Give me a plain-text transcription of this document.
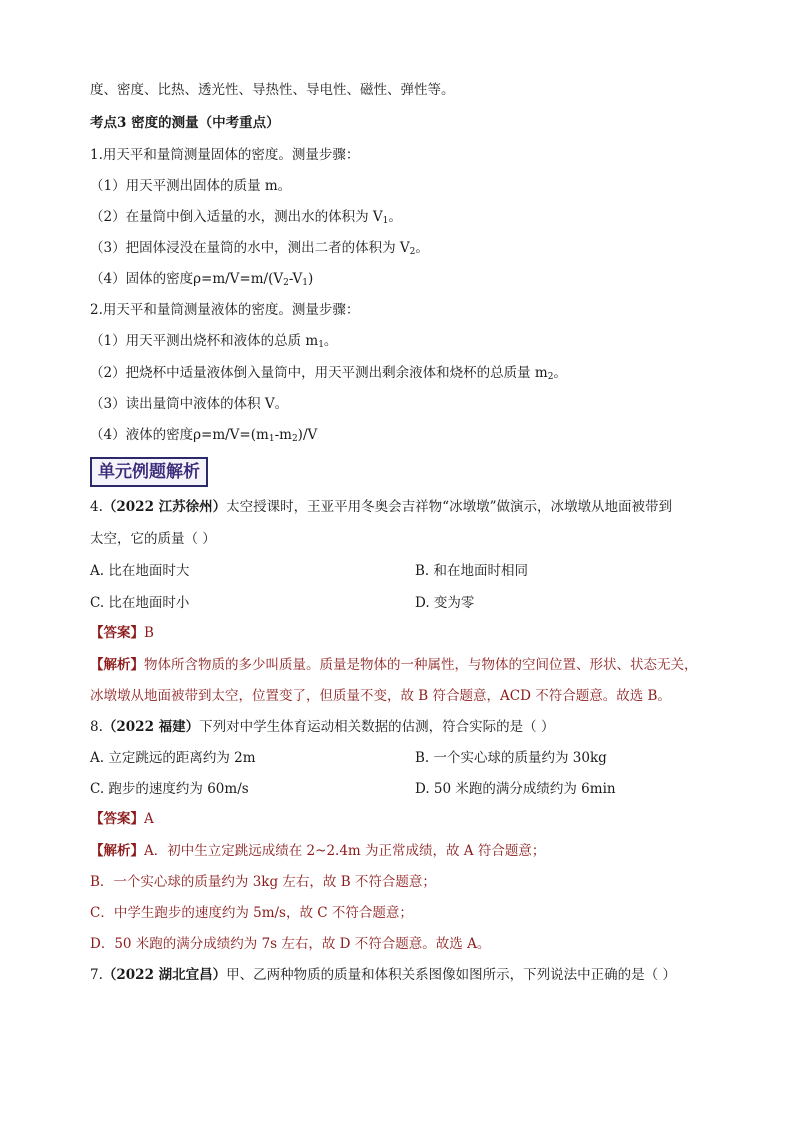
度、密度、比热、透光性、导热性、导电性、磁性、弹性等。
考点3 密度的测量（中考重点）
1.用天平和量筒测量固体的密度。测量步骤：
（1）用天平测出固体的质量 m。
（2）在量筒中倒入适量的水，测出水的体积为 $V_1$。
（3）把固体浸没在量筒的水中，测出二者的体积为 $V_2$。
（4）固体的密度$\rho=m/V=m/(V_2-V_1)$
2.用天平和量筒测量液体的密度。测量步骤：
（1）用天平测出烧杯和液体的总质 $m_1$。
（2）把烧杯中适量液体倒入量筒中，用天平测出剩余液体和烧杯的总质量 $m_2$。
（3）读出量筒中液体的体积 V。
（4）液体的密度$\rho=m/V=(m_1-m_2)/V$
单元例题解析
4.（2022 江苏徐州）太空授课时，王亚平用冬奥会吉祥物“冰墩墩”做演示，冰墩墩从地面被带到
太空，它的质量（ ）
A. 比在地面时大	B. 和在地面时相同
C. 比在地面时小	D. 变为零
【答案】B
【解析】物体所含物质的多少叫质量。质量是物体的一种属性，与物体的空间位置、形状、状态无关，
冰墩墩从地面被带到太空，位置变了，但质量不变，故 B 符合题意，ACD 不符合题意。故选 B。
8.（2022 福建）下列对中学生体育运动相关数据的估测，符合实际的是（ ）
A. 立定跳远的距离约为 2m	B. 一个实心球的质量约为 30kg
C. 跑步的速度约为 60m/s	D. 50 米跑的满分成绩约为 6min
【答案】A
【解析】A．初中生立定跳远成绩在 2~2.4m 为正常成绩，故 A 符合题意；
B．一个实心球的质量约为 3kg 左右，故 B 不符合题意；
C．中学生跑步的速度约为 5m/s，故 C 不符合题意；
D．50 米跑的满分成绩约为 7s 左右，故 D 不符合题意。故选 A。
7.（2022 湖北宜昌）甲、乙两种物质的质量和体积关系图像如图所示，下列说法中正确的是（ ）
